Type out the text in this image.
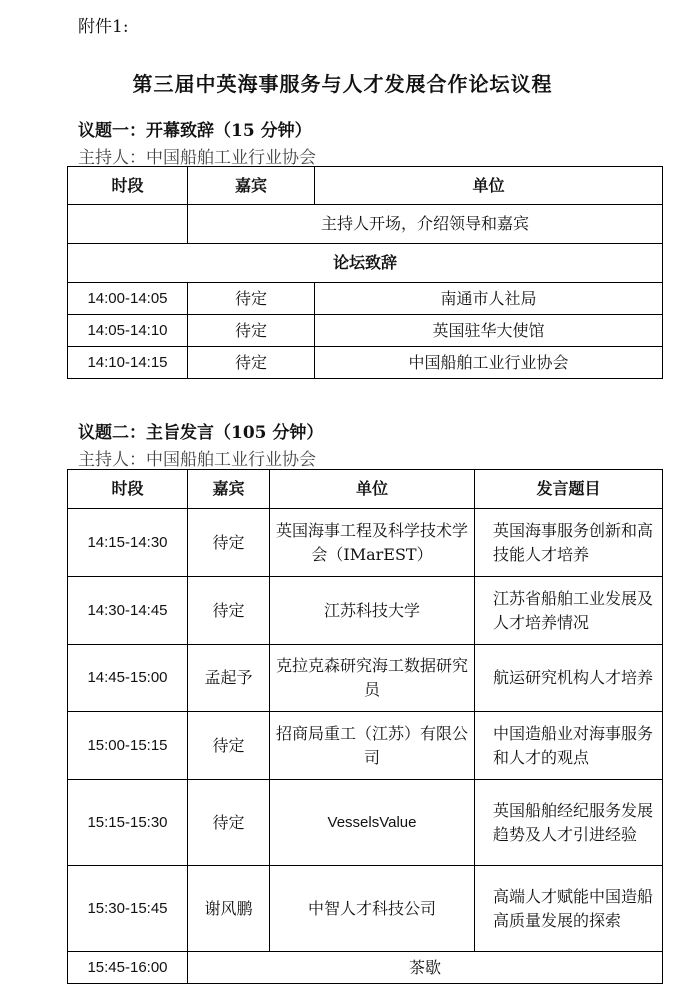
附件1:
第三届中英海事服务与人才发展合作论坛议程
议题一：开幕致辞（15 分钟）
主持人：中国船舶工业行业协会
时段	嘉宾	单位
	主持人开场，介绍领导和嘉宾	
论坛致辞		
14:00-14:05	待定	南通市人社局
14:05-14:10	待定	英国驻华大使馆
14:10-14:15	待定	中国船舶工业行业协会
议题二：主旨发言（105 分钟）
主持人：中国船舶工业行业协会
时段	嘉宾	单位	发言题目
14:15-14:30	待定	英国海事工程及科学技术学会（IMarEST）	英国海事服务创新和高技能人才培养
14:30-14:45	待定	江苏科技大学	江苏省船舶工业发展及人才培养情况
14:45-15:00	孟起予	克拉克森研究海工数据研究员	航运研究机构人才培养
15:00-15:15	待定	招商局重工（江苏）有限公司	中国造船业对海事服务和人才的观点
15:15-15:30	待定	VesselsValue	英国船舶经纪服务发展趋势及人才引进经验
15:30-15:45	谢风鹏	中智人才科技公司	高端人才赋能中国造船高质量发展的探索
15:45-16:00	茶歇		
